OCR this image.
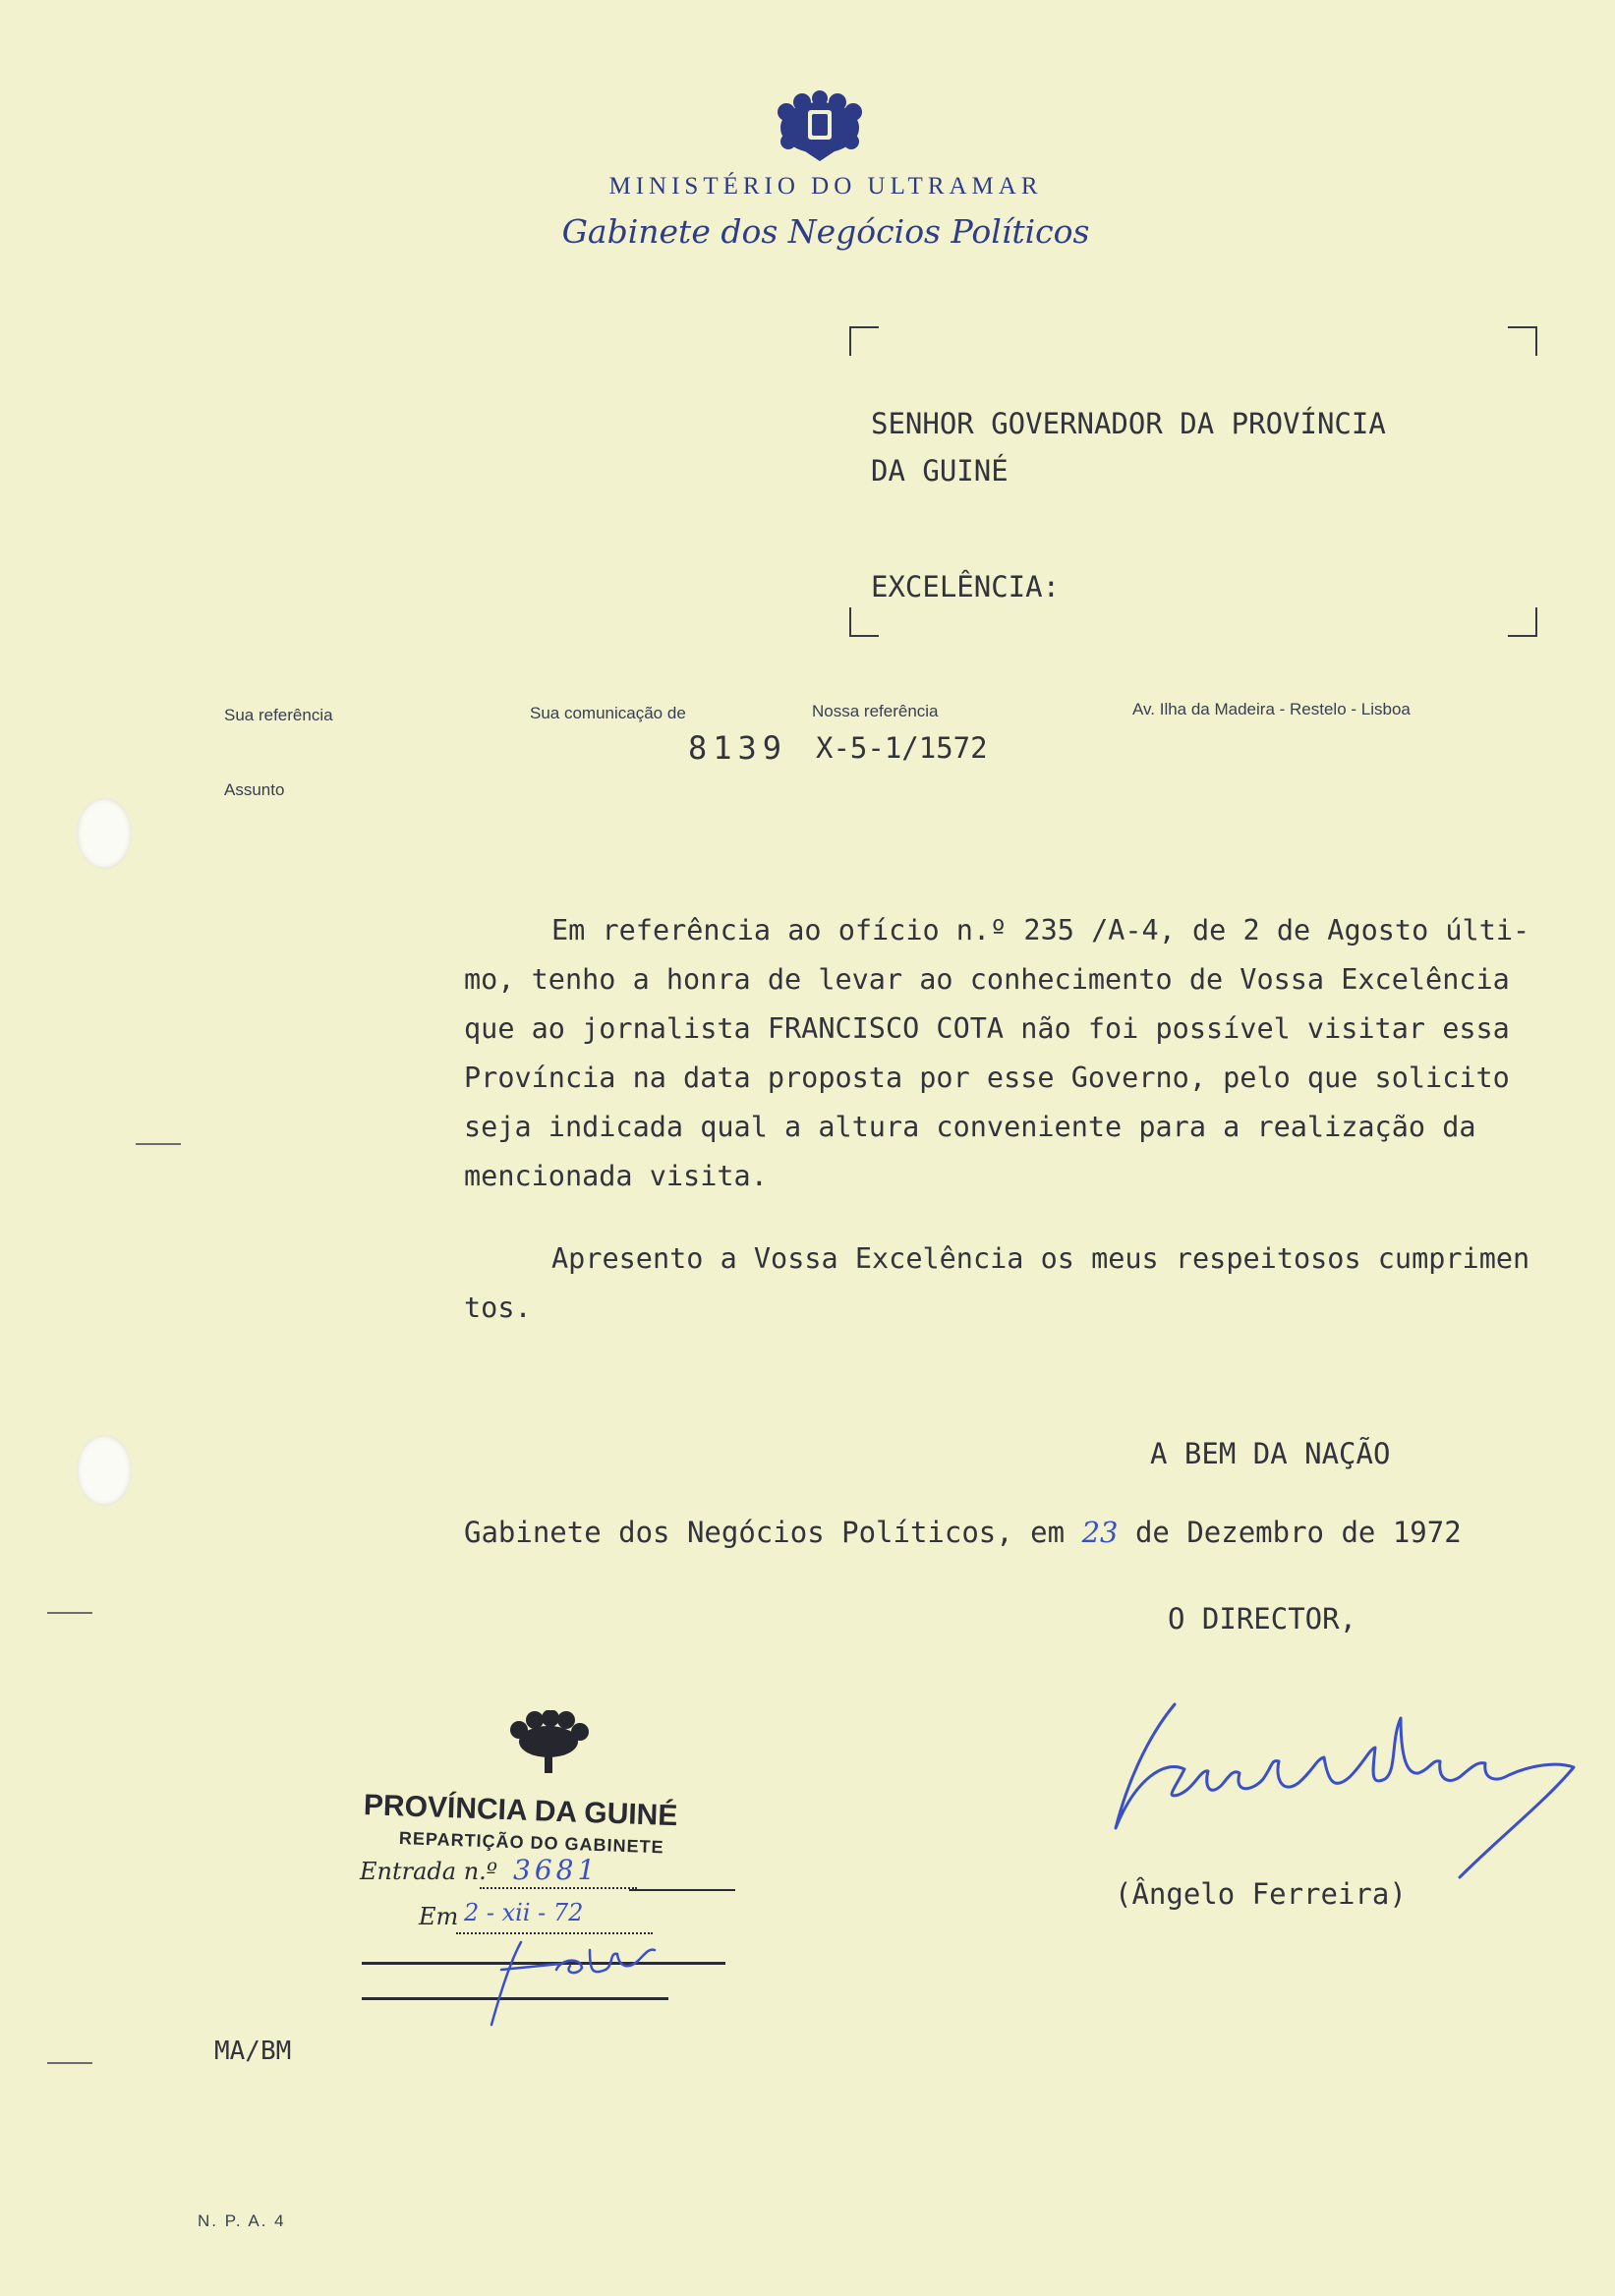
MINISTÉRIO DO ULTRAMAR
Gabinete dos Negócios Políticos
SENHOR GOVERNADOR DA PROVÍNCIA
DA GUINÉ
EXCELÊNCIA:
Sua referência	Sua comunicação de	Nossa referência	Av. Ilha da Madeira - Restelo - Lisboa
Assunto
8139 X-5-1/1572
Em referência ao ofício n.º 235 /A-4, de 2 de Agosto últi-
mo, tenho a honra de levar ao conhecimento de Vossa Excelência
que ao jornalista FRANCISCO COTA não foi possível visitar essa
Província na data proposta por esse Governo, pelo que solicito
seja indicada qual a altura conveniente para a realização da
mencionada visita.
Apresento a Vossa Excelência os meus respeitosos cumprimen
tos.
A BEM DA NAÇÃO
Gabinete dos Negócios Políticos, em 23 de Dezembro de 1972
O DIRECTOR,
(Ângelo Ferreira)
PROVÍNCIA DA GUINÉ
REPARTIÇÃO DO GABINETE
Entrada n.º 3681
Em 2 - xii - 72
MA/BM
N. P. A. 4
